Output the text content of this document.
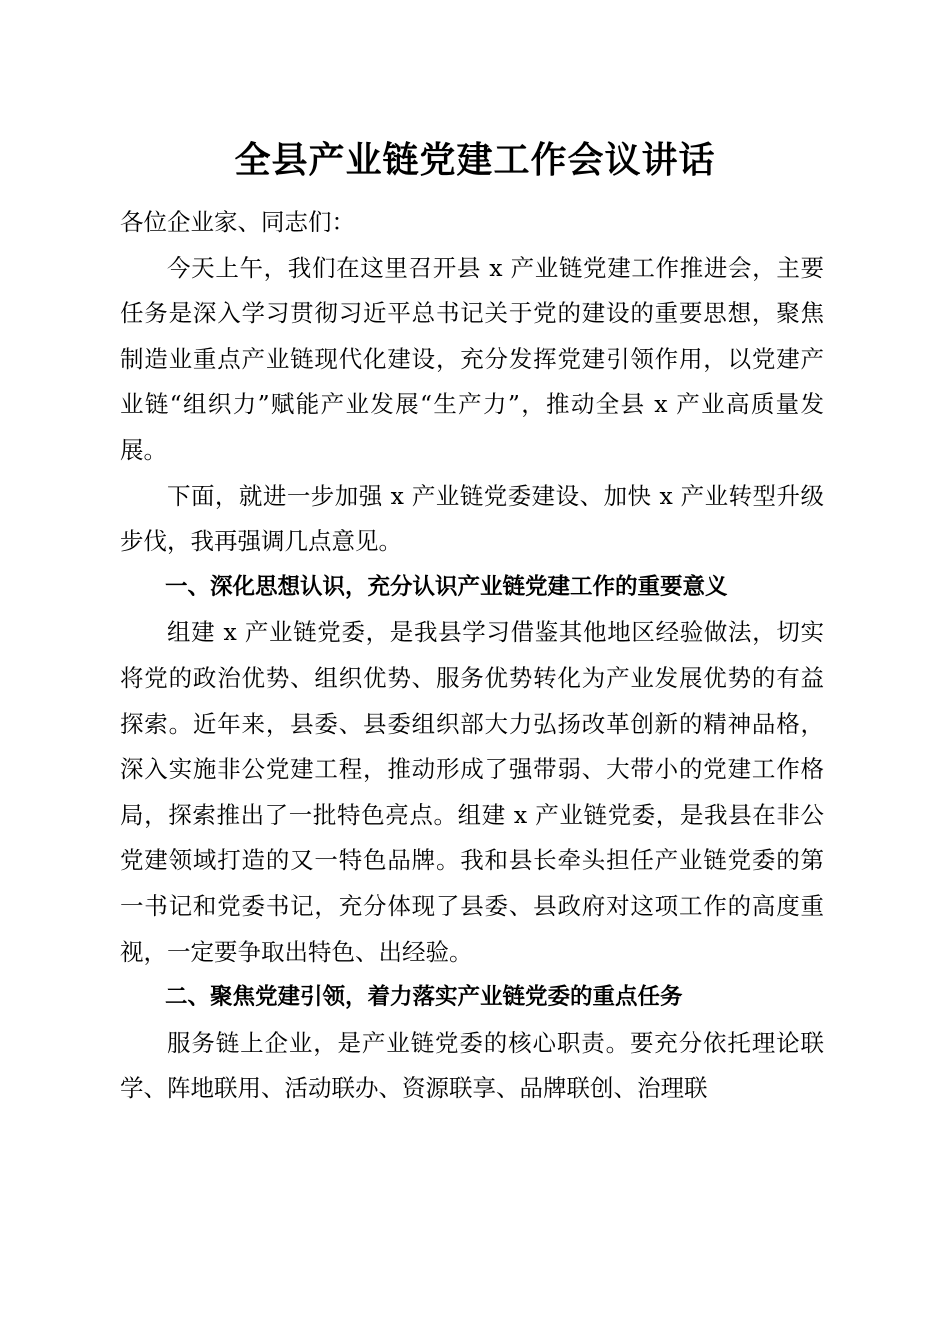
全县产业链党建工作会议讲话

各位企业家、同志们：

今天上午，我们在这里召开县 x 产业链党建工作推进会，主要任务是深入学习贯彻习近平总书记关于党的建设的重要思想，聚焦制造业重点产业链现代化建设，充分发挥党建引领作用，以党建产业链“组织力”赋能产业发展“生产力”，推动全县 x 产业高质量发展。

下面，就进一步加强 x 产业链党委建设、加快 x 产业转型升级步伐，我再强调几点意见。

一、深化思想认识，充分认识产业链党建工作的重要意义

组建 x 产业链党委，是我县学习借鉴其他地区经验做法，切实将党的政治优势、组织优势、服务优势转化为产业发展优势的有益探索。近年来，县委、县委组织部大力弘扬改革创新的精神品格，深入实施非公党建工程，推动形成了强带弱、大带小的党建工作格局，探索推出了一批特色亮点。组建 x 产业链党委，是我县在非公党建领域打造的又一特色品牌。我和县长牵头担任产业链党委的第一书记和党委书记，充分体现了县委、县政府对这项工作的高度重视，一定要争取出特色、出经验。

二、聚焦党建引领，着力落实产业链党委的重点任务

服务链上企业，是产业链党委的核心职责。要充分依托理论联学、阵地联用、活动联办、资源联享、品牌联创、治理联
